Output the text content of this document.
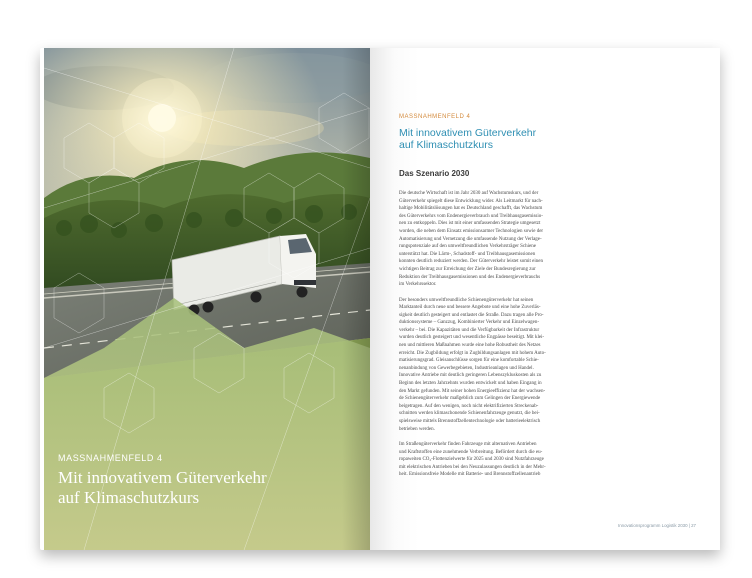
MASSNAHMENFELD 4
Mit innovativem Güterverkehr
auf Klimaschutzkurs
MASSNAHMENFELD 4
Mit innovativem Güterverkehr
auf Klimaschutzkurs
Das Szenario 2030

Die deutsche Wirtschaft ist im Jahr 2030 auf Wachstumskurs, und der

Güterverkehr spiegelt diese Entwicklung wider. Als Leitmarkt für nach-

haltige Mobilitätslösungen hat es Deutschland geschafft, das Wachstum

des Güterverkehrs vom Endenergieverbrauch und Treibhausgasemissio-

nen zu entkoppeln. Dies ist mit einer umfassenden Strategie umgesetzt

worden, die neben dem Einsatz emissionsarmer Technologien sowie der

Automatisierung und Vernetzung die umfassende Nutzung der Verlage-

rungspotenziale auf den umweltfreundlichen Verkehrsträger Schiene

unterstützt hat. Die Lärm-, Schadstoff- und Treibhausgasemissionen

konnten deutlich reduziert werden. Der Güterverkehr leistet somit einen

wichtigen Beitrag zur Erreichung der Ziele der Bundesregierung zur

Reduktion der Treibhausgasemissionen und des Endenergieverbrauchs

im Verkehrssektor.

Der besonders umweltfreundliche Schienengüterverkehr hat seinen

Marktanteil durch neue und bessere Angebote und eine hohe Zuverläs-

sigkeit deutlich gesteigert und entlastet die Straße. Dazu tragen alle Pro-

duktionssysteme – Ganzzug, Kombinierter Verkehr und Einzelwagen-

verkehr – bei. Die Kapazitäten und die Verfügbarkeit der Infrastruktur

wurden deutlich gesteigert und wesentliche Engpässe beseitigt. Mit klei-

nen und mittleren Maßnahmen wurde eine hohe Robustheit des Netzes

erreicht. Die Zugbildung erfolgt in Zugbildungsanlagen mit hohem Auto-

matisierungsgrad. Gleisanschlüsse sorgen für eine komfortable Schie-

nenanbindung von Gewerbegebieten, Industrieanlagen und Handel.

Innovative Antriebe mit deutlich geringeren Lebenszykluskosten als zu

Beginn des letzten Jahrzehnts wurden entwickelt und haben Eingang in

den Markt gefunden. Mit seiner hohen Energieeffizienz hat der wachsen-

de Schienengüterverkehr maßgeblich zum Gelingen der Energiewende

beigetragen. Auf den wenigen, noch nicht elektrifizierten Streckenab-

schnitten werden klimaschonende Schienenfahrzeuge genutzt, die bei-

spielsweise mittels Brennstoffzellentechnologie oder batterieelektrisch

betrieben werden.

Im Straßengüterverkehr finden Fahrzeuge mit alternativen Antrieben

und Kraftstoffen eine zunehmende Verbreitung. Befördert durch die eu-

ropaweiten CO₂-Flottenzielwerte für 2025 und 2030 sind Nutzfahrzeuge

mit elektrischen Antrieben bei den Neuzulassungen deutlich in der Mehr-

heit. Emissionsfreie Modelle mit Batterie- und Brennstoffzellenantrieb

Innovationsprogramm Logistik 2030 | 27
